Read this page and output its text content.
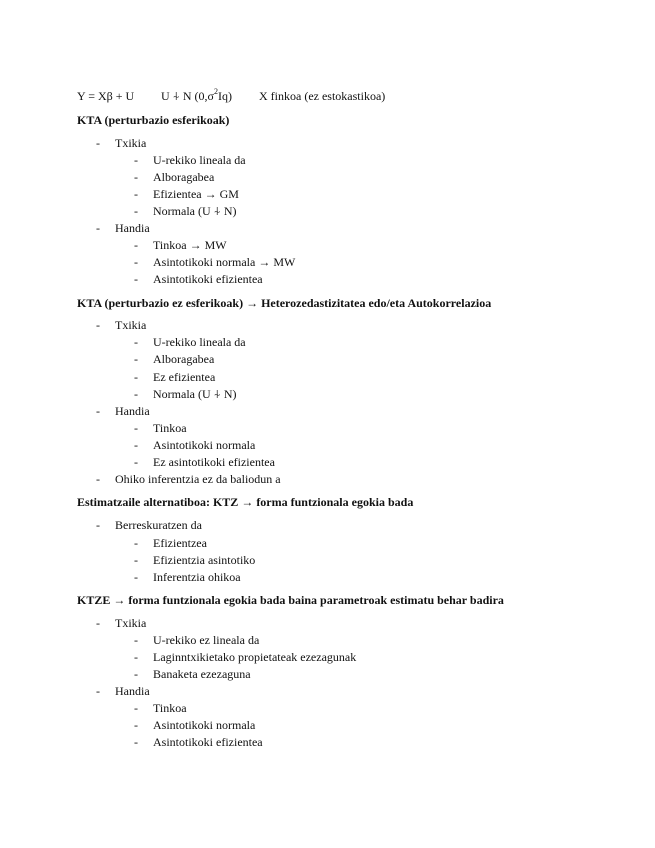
Y = Xβ + U U ⍭ N $(0,\sigma^2Iq)$ X finkoa (ez estokastikoa)
KTA (perturbazio esferikoak)
- Txikia
- U-rekiko lineala da
- Alboragabea
- Efizientea → GM
- Normala (U ⍭ N)
- Handia
- Tinkoa → MW
- Asintotikoki normala → MW
- Asintotikoki efizientea
KTA (perturbazio ez esferikoak) → Heterozedastizitatea edo/eta Autokorrelazioa
- Txikia
- U-rekiko lineala da
- Alboragabea
- Ez efizientea
- Normala (U ⍭ N)
- Handia
- Tinkoa
- Asintotikoki normala
- Ez asintotikoki efizientea
- Ohiko inferentzia ez da baliodun a
Estimatzaile alternatiboa: KTZ → forma funtzionala egokia bada
- Berreskuratzen da
- Efizientzea
- Efizientzia asintotiko
- Inferentzia ohikoa
KTZE → forma funtzionala egokia bada baina parametroak estimatu behar badira
- Txikia
- U-rekiko ez lineala da
- Laginntxikietako propietateak ezezagunak
- Banaketa ezezaguna
- Handia
- Tinkoa
- Asintotikoki normala
- Asintotikoki efizientea
